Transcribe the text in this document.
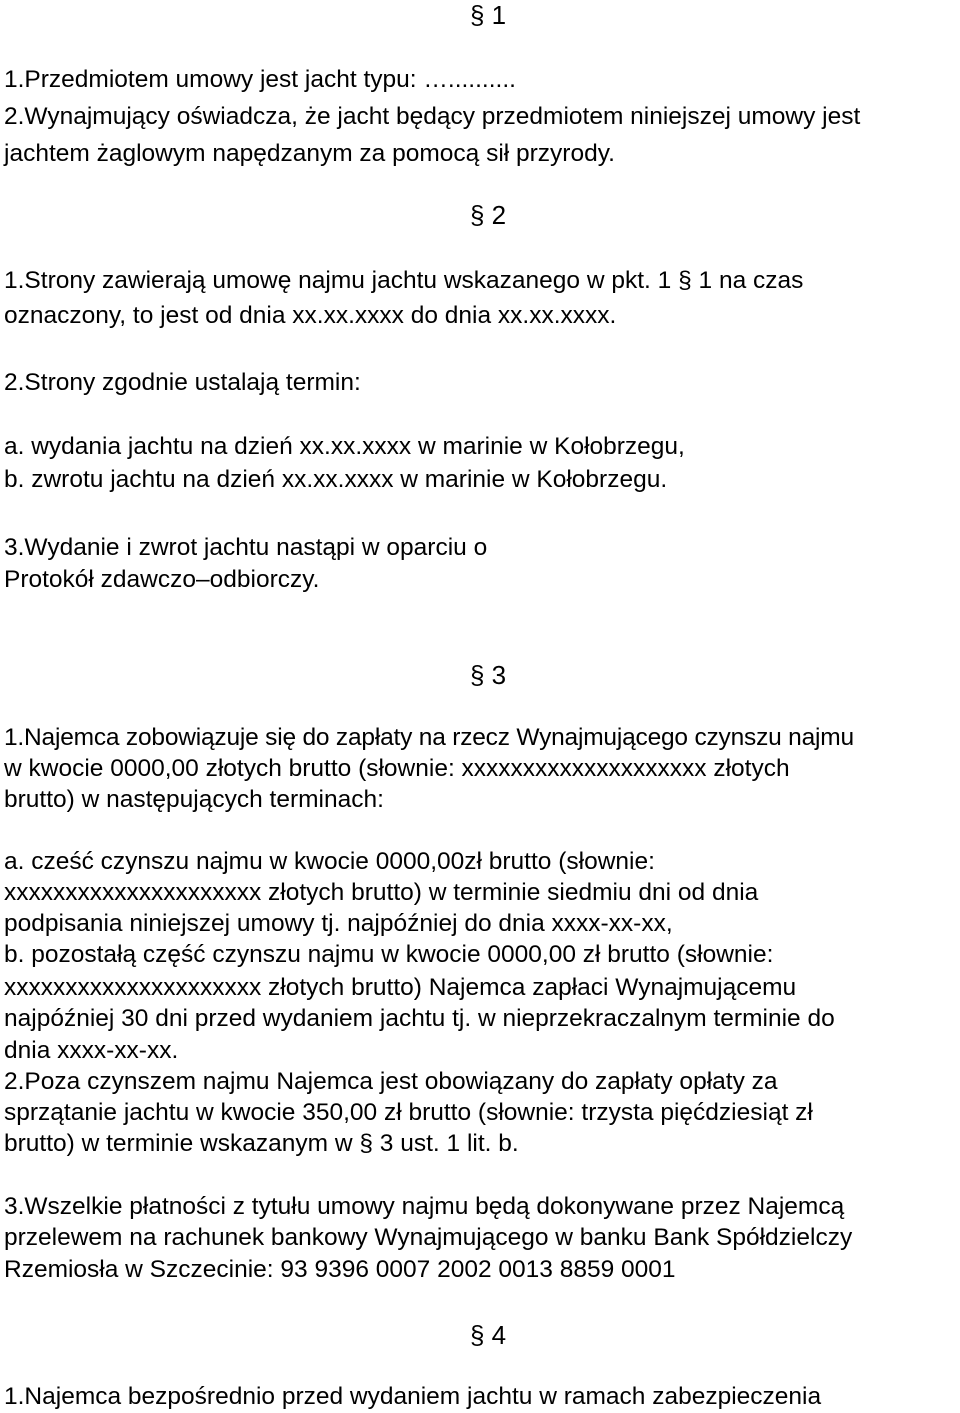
§ 1
1.Przedmiotem umowy jest jacht typu: …..........
2.Wynajmujący oświadcza, że jacht będący przedmiotem niniejszej umowy jest
jachtem żaglowym napędzanym za pomocą sił przyrody.
§ 2
1.Strony zawierają umowę najmu jachtu wskazanego w pkt. 1 § 1 na czas
oznaczony, to jest od dnia xx.xx.xxxx do dnia xx.xx.xxxx.
2.Strony zgodnie ustalają termin:
a. wydania jachtu na dzień xx.xx.xxxx w marinie w Kołobrzegu,
b. zwrotu jachtu na dzień xx.xx.xxxx w marinie w Kołobrzegu.
3.Wydanie i zwrot jachtu nastąpi w oparciu o
Protokół zdawczo–odbiorczy.
§ 3
1.Najemca zobowiązuje się do zapłaty na rzecz Wynajmującego czynszu najmu
w kwocie 0000,00 złotych brutto (słownie: xxxxxxxxxxxxxxxxxxxx złotych
brutto) w następujących terminach:
a. cześć czynszu najmu w kwocie 0000,00zł brutto (słownie:
xxxxxxxxxxxxxxxxxxxxx złotych brutto) w terminie siedmiu dni od dnia
podpisania niniejszej umowy tj. najpóźniej do dnia xxxx-xx-xx,
b. pozostałą część czynszu najmu w kwocie 0000,00 zł brutto (słownie:
xxxxxxxxxxxxxxxxxxxxx złotych brutto) Najemca zapłaci Wynajmującemu
najpóźniej 30 dni przed wydaniem jachtu tj. w nieprzekraczalnym terminie do
dnia xxxx-xx-xx.
2.Poza czynszem najmu Najemca jest obowiązany do zapłaty opłaty za
sprzątanie jachtu w kwocie 350,00 zł brutto (słownie: trzysta pięćdziesiąt zł
brutto) w terminie wskazanym w § 3 ust. 1 lit. b.
3.Wszelkie płatności z tytułu umowy najmu będą dokonywane przez Najemcą
przelewem na rachunek bankowy Wynajmującego w banku Bank Spółdzielczy
Rzemiosła w Szczecinie: 93 9396 0007 2002 0013 8859 0001
§ 4
1.Najemca bezpośrednio przed wydaniem jachtu w ramach zabezpieczenia
